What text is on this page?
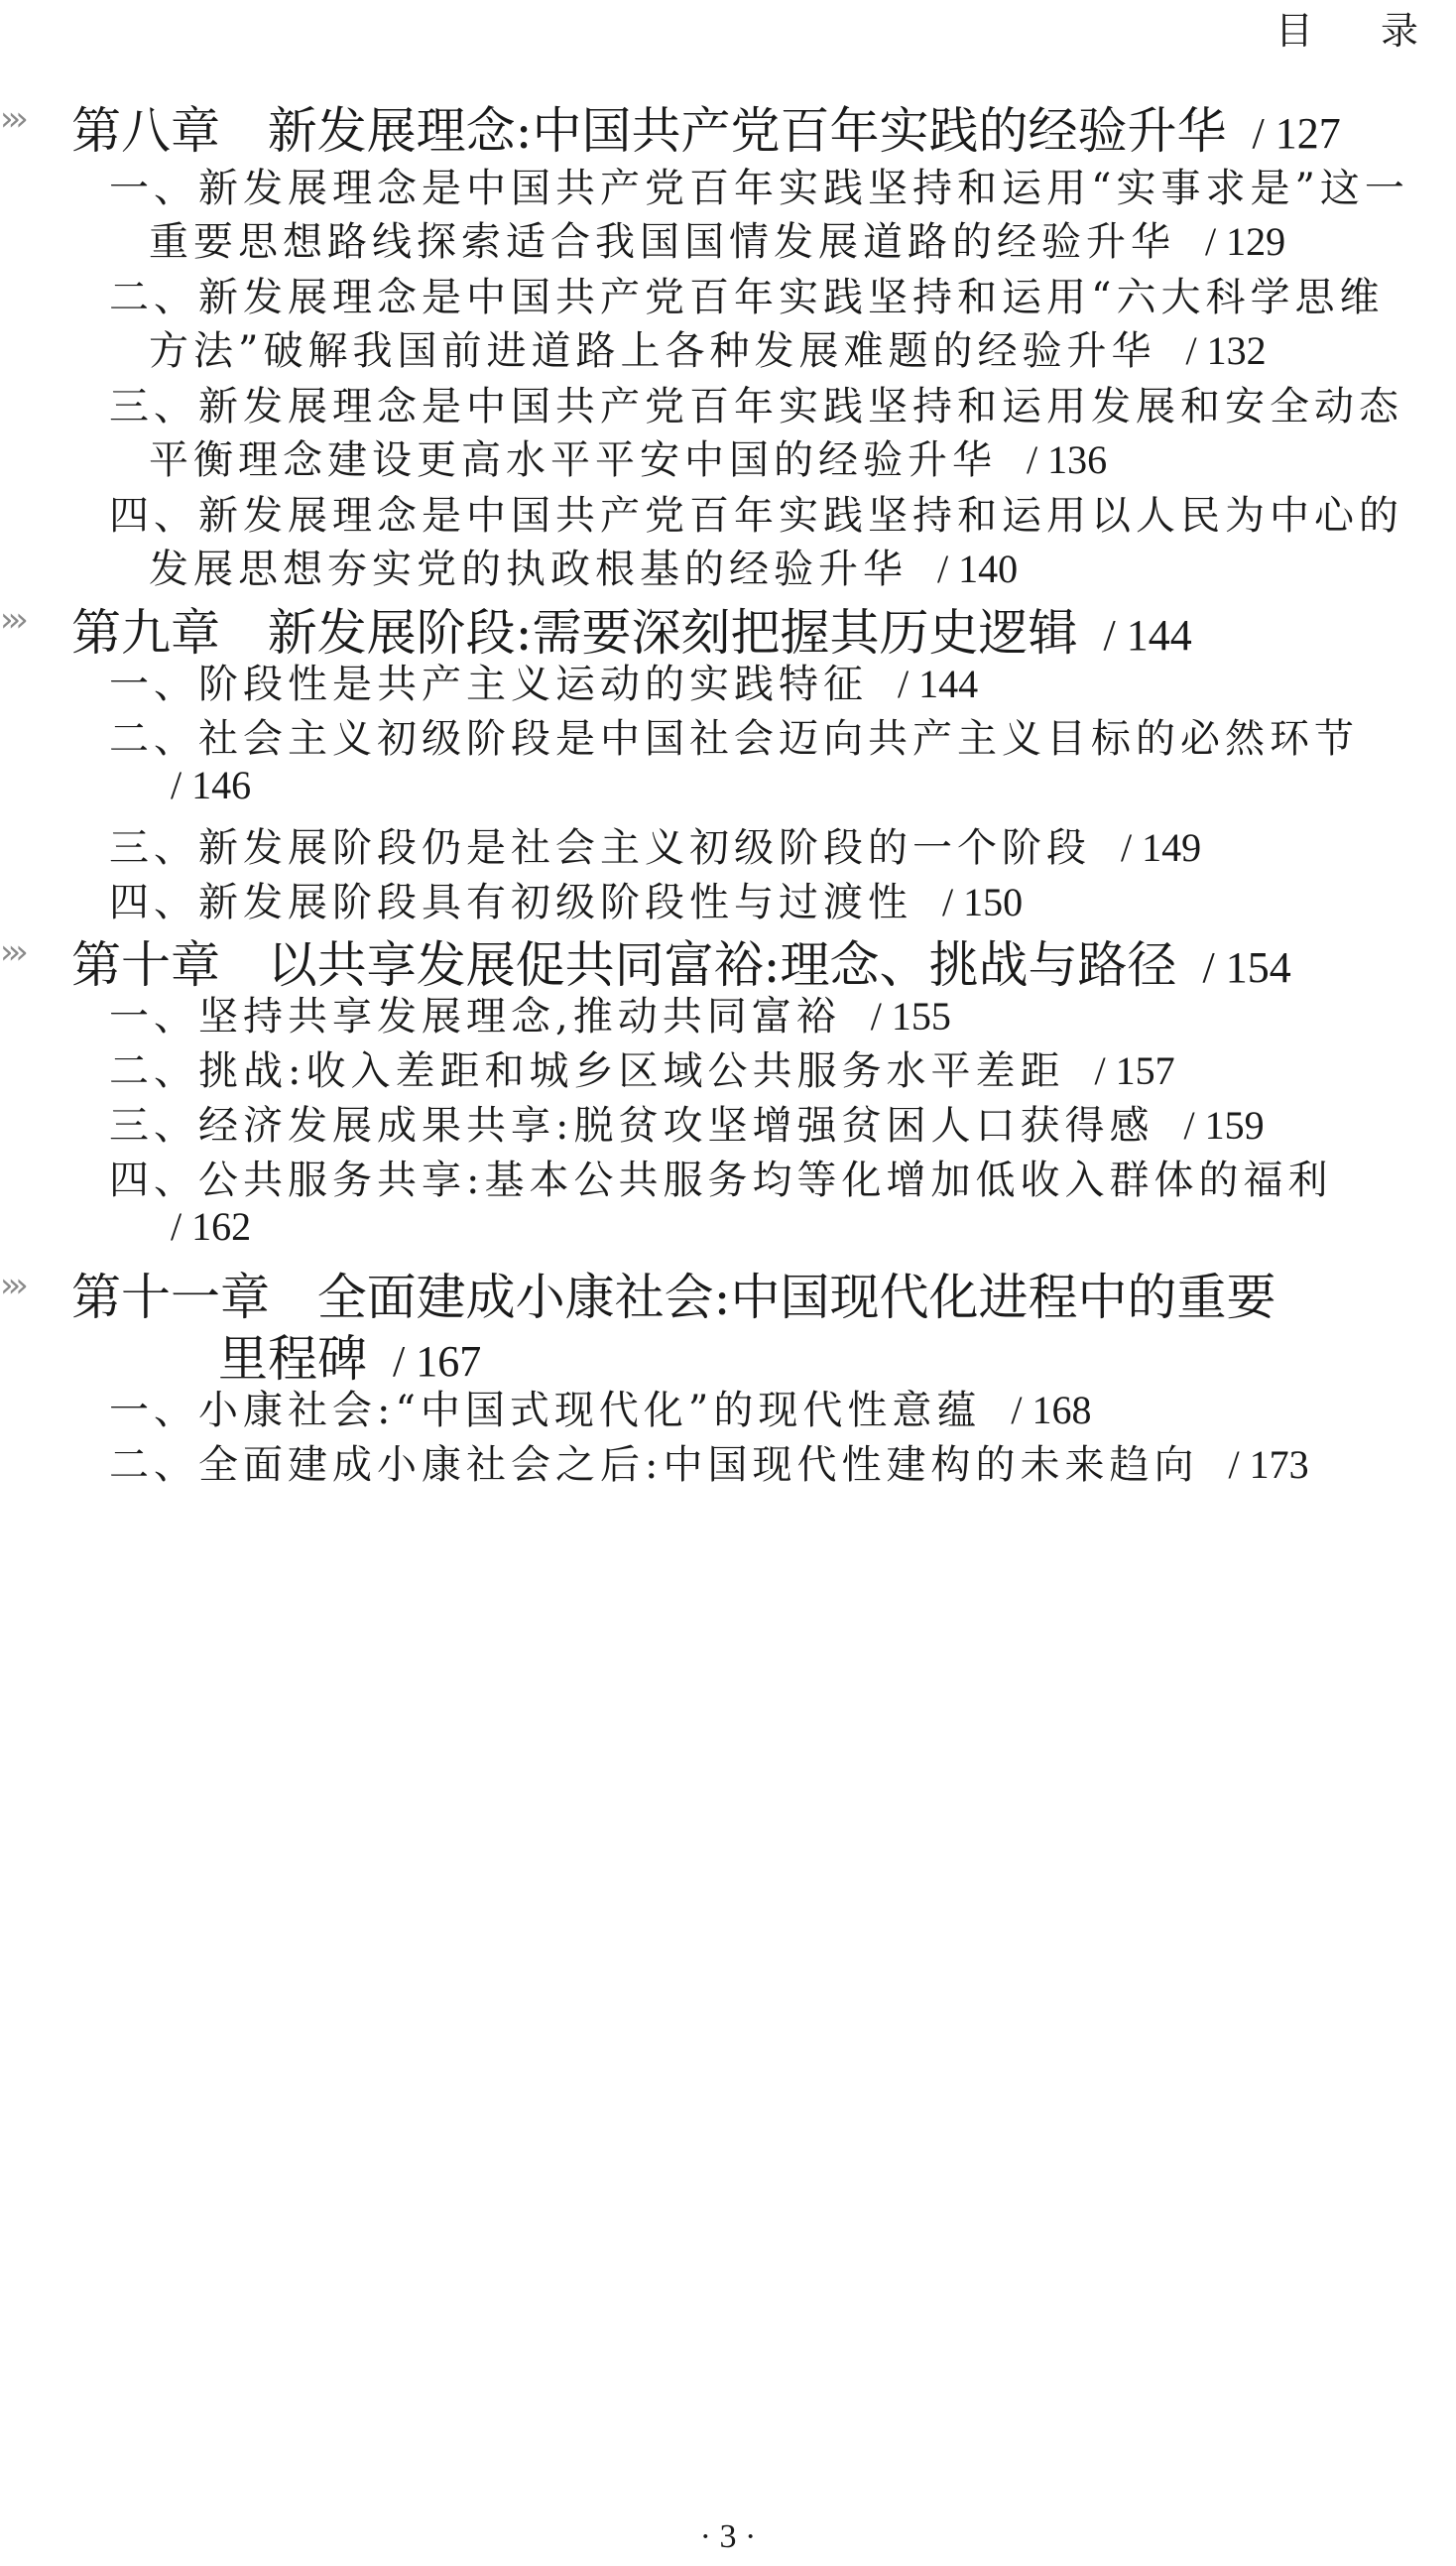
目 录
››› 第八章 新发展理念:中国共产党百年实践的经验升华 / 127
一、新发展理念是中国共产党百年实践坚持和运用“实事求是”这一
重要思想路线探索适合我国国情发展道路的经验升华 / 129
二、新发展理念是中国共产党百年实践坚持和运用“六大科学思维
方法”破解我国前进道路上各种发展难题的经验升华 / 132
三、新发展理念是中国共产党百年实践坚持和运用发展和安全动态
平衡理念建设更高水平平安中国的经验升华 / 136
四、新发展理念是中国共产党百年实践坚持和运用以人民为中心的
发展思想夯实党的执政根基的经验升华 / 140
››› 第九章 新发展阶段:需要深刻把握其历史逻辑 / 144
一、阶段性是共产主义运动的实践特征 / 144
二、社会主义初级阶段是中国社会迈向共产主义目标的必然环节
/ 146
三、新发展阶段仍是社会主义初级阶段的一个阶段 / 149
四、新发展阶段具有初级阶段性与过渡性 / 150
››› 第十章 以共享发展促共同富裕:理念、挑战与路径 / 154
一、坚持共享发展理念,推动共同富裕 / 155
二、挑战:收入差距和城乡区域公共服务水平差距 / 157
三、经济发展成果共享:脱贫攻坚增强贫困人口获得感 / 159
四、公共服务共享:基本公共服务均等化增加低收入群体的福利
/ 162
››› 第十一章 全面建成小康社会:中国现代化进程中的重要
里程碑 / 167
一、小康社会:“中国式现代化”的现代性意蕴 / 168
二、全面建成小康社会之后:中国现代性建构的未来趋向 / 173
· 3 ·
